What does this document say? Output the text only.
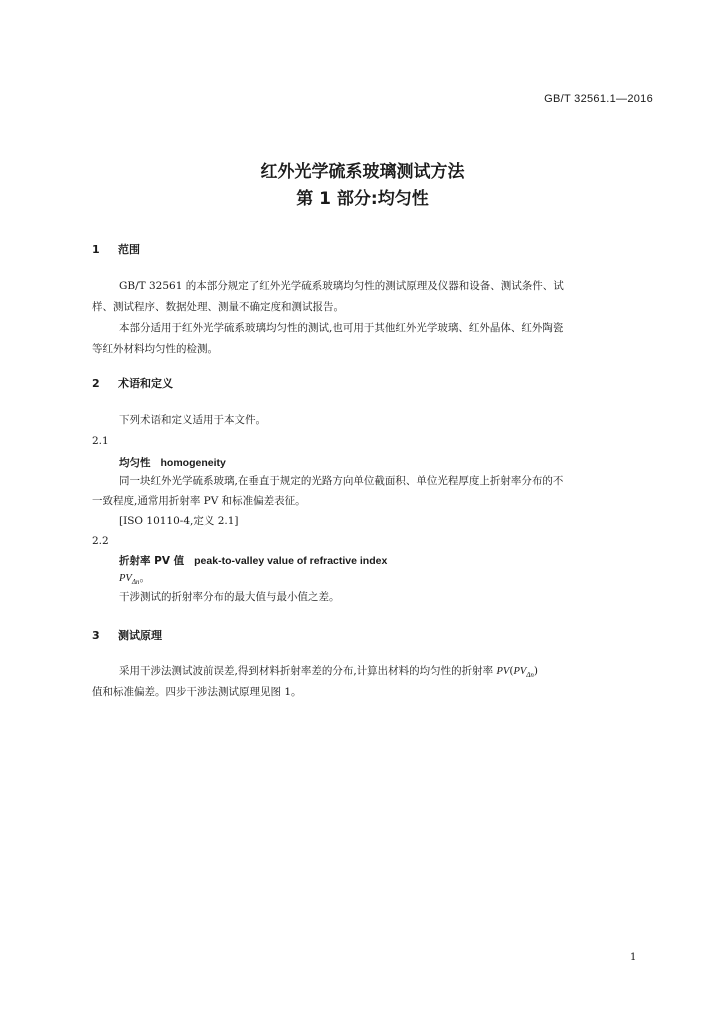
GB/T 32561.1—2016
红外光学硫系玻璃测试方法
第 1 部分:均匀性
1 范围
GB/T 32561 的本部分规定了红外光学硫系玻璃均匀性的测试原理及仪器和设备、测试条件、试
样、测试程序、数据处理、测量不确定度和测试报告。
本部分适用于红外光学硫系玻璃均匀性的测试,也可用于其他红外光学玻璃、红外晶体、红外陶瓷
等红外材料均匀性的检测。
2 术语和定义
下列术语和定义适用于本文件。
2.1
均匀性 homogeneity
同一块红外光学硫系玻璃,在垂直于规定的光路方向单位截面积、单位光程厚度上折射率分布的不
一致程度,通常用折射率 PV 和标准偏差表征。
[ISO 10110-4,定义 2.1]
2.2
折射率 PV 值 peak-to-valley value of refractive index
$PV_{\Delta n}$。
干涉测试的折射率分布的最大值与最小值之差。
3 测试原理
采用干涉法测试波前误差,得到材料折射率差的分布,计算出材料的均匀性的折射率 $PV(PV_{\Delta n})$
值和标准偏差。四步干涉法测试原理见图 1。
1
